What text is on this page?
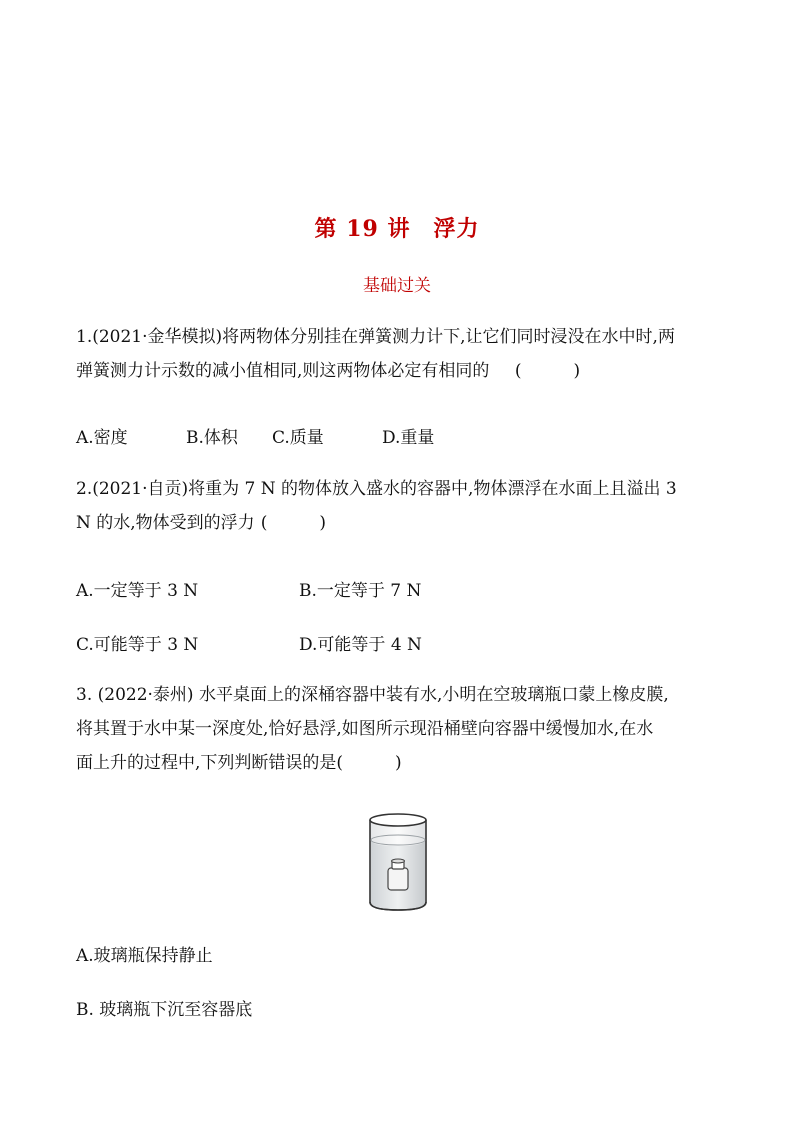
第 19 讲　浮力
基础过关
1.(2021·金华模拟)将两物体分别挂在弹簧测力计下,让它们同时浸没在水中时,两
弹簧测力计示数的减小值相同,则这两物体必定有相同的 (	)
A.密度	B.体积 C.质量	D.重量
2.(2021·自贡)将重为 7 N 的物体放入盛水的容器中,物体漂浮在水面上且溢出 3
N 的水,物体受到的浮力 (	)
A.一定等于 3 N	B.一定等于 7 N
C.可能等于 3 N	D.可能等于 4 N
3. (2022·泰州) 水平桌面上的深桶容器中装有水,小明在空玻璃瓶口蒙上橡皮膜,
将其置于水中某一深度处,恰好悬浮,如图所示现沿桶壁向容器中缓慢加水,在水
面上升的过程中,下列判断错误的是(	)
A.玻璃瓶保持静止
B. 玻璃瓶下沉至容器底
